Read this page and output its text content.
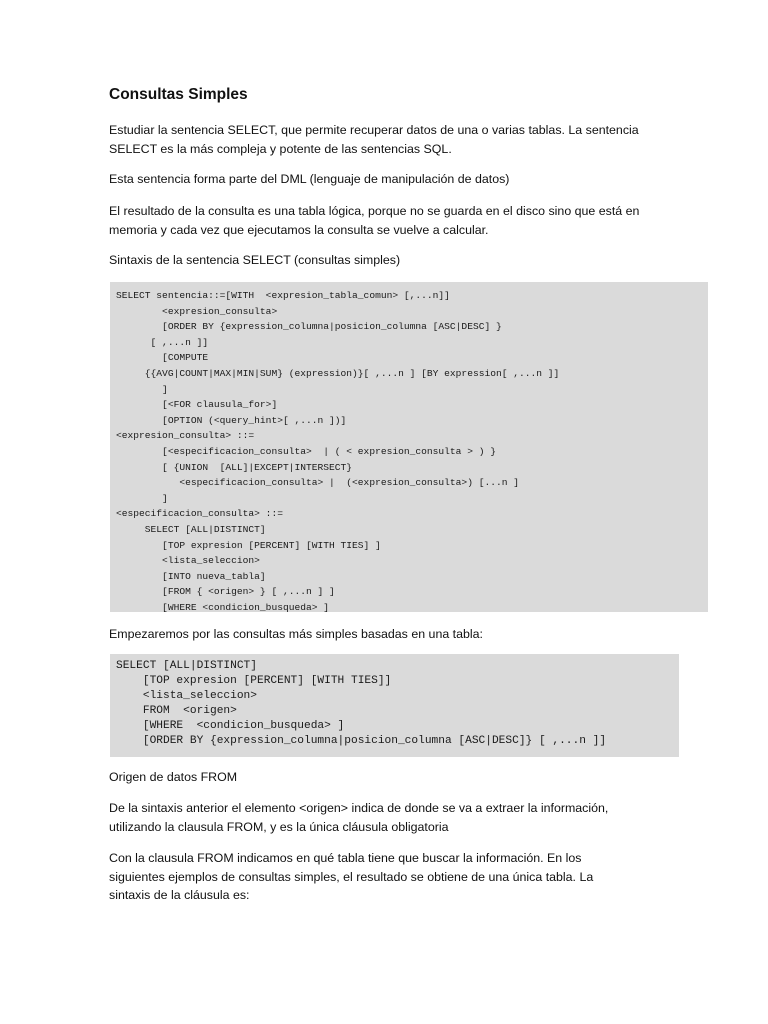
Consultas Simples
Estudiar la sentencia SELECT, que permite recuperar datos de una o varias tablas. La sentencia
SELECT es la más compleja y potente de las sentencias SQL.
Esta sentencia forma parte del DML (lenguaje de manipulación de datos)
El resultado de la consulta es una tabla lógica, porque no se guarda en el disco sino que está en
memoria y cada vez que ejecutamos la consulta se vuelve a calcular.
Sintaxis de la sentencia SELECT (consultas simples)
SELECT sentencia::=[WITH  <expresion_tabla_comun> [,...n]]
<expresion_consulta>
[ORDER BY {expression_columna|posicion_columna [ASC|DESC] }
[ ,...n ]]
[COMPUTE
{{AVG|COUNT|MAX|MIN|SUM} (expression)}[ ,...n ] [BY expression[ ,...n ]]
]
[<FOR clausula_for>]
[OPTION (<query_hint>[ ,...n ])]
<expresion_consulta> ::=
[<especificacion_consulta>  | ( < expresion_consulta > ) }
[ {UNION  [ALL]|EXCEPT|INTERSECT}
<especificacion_consulta> |  (<expresion_consulta>) [...n ]
]
<especificacion_consulta> ::=
SELECT [ALL|DISTINCT]
[TOP expresion [PERCENT] [WITH TIES] ]
<lista_seleccion>
[INTO nueva_tabla]
[FROM { <origen> } [ ,...n ] ]
[WHERE <condicion_busqueda> ]
Empezaremos por las consultas más simples basadas en una tabla:
SELECT [ALL|DISTINCT]
[TOP expresion [PERCENT] [WITH TIES]]
<lista_seleccion>
FROM  <origen>
[WHERE  <condicion_busqueda> ]
[ORDER BY {expression_columna|posicion_columna [ASC|DESC]} [ ,...n ]]
Origen de datos FROM
De la sintaxis anterior el elemento <origen> indica de donde se va a extraer la información,
utilizando la clausula FROM, y es la única cláusula obligatoria
Con la clausula FROM indicamos en qué tabla tiene que buscar la información. En los
siguientes ejemplos de consultas simples, el resultado se obtiene de una única tabla. La
sintaxis de la cláusula es:
